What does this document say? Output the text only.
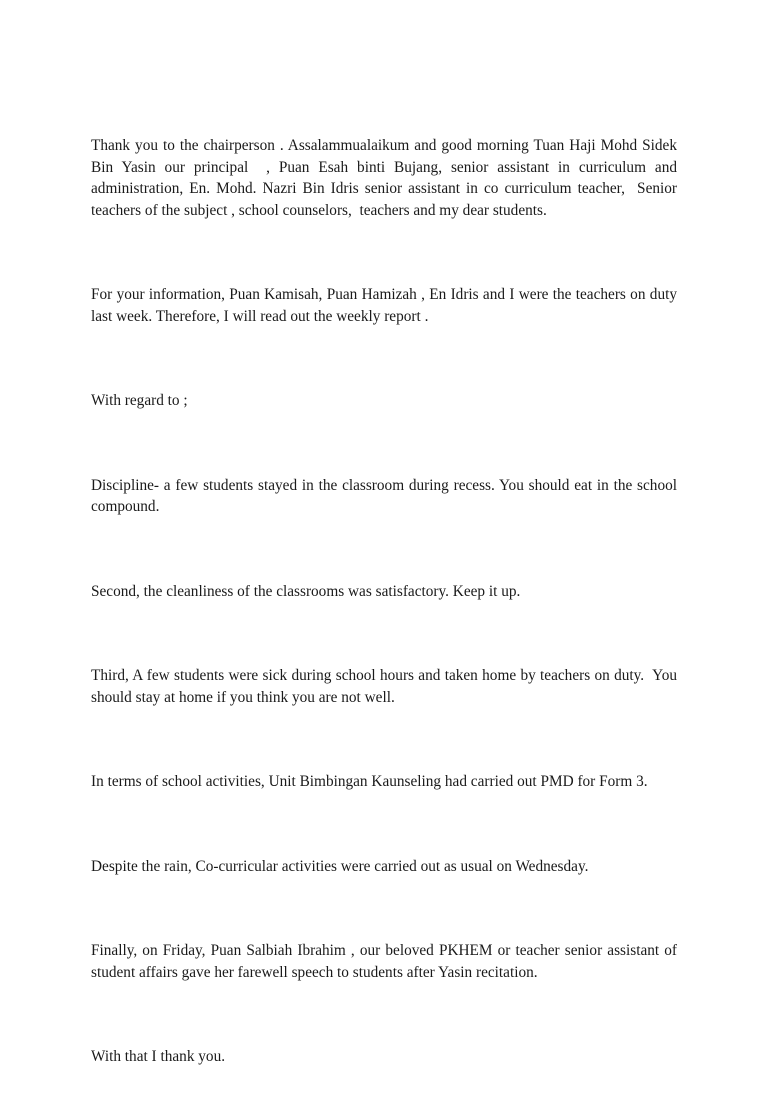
Thank you to the chairperson . Assalammualaikum and good morning Tuan Haji Mohd Sidek Bin Yasin our principal  , Puan Esah binti Bujang, senior assistant in curriculum and administration, En. Mohd. Nazri Bin Idris senior assistant in co curriculum teacher,  Senior teachers of the subject , school counselors,  teachers and my dear students.

For your information, Puan Kamisah, Puan Hamizah , En Idris and I were the teachers on duty last week. Therefore, I will read out the weekly report .

With regard to ;

Discipline- a few students stayed in the classroom during recess. You should eat in the school compound.

Second, the cleanliness of the classrooms was satisfactory. Keep it up.

Third, A few students were sick during school hours and taken home by teachers on duty.  You should stay at home if you think you are not well.

In terms of school activities, Unit Bimbingan Kaunseling had carried out PMD for Form 3.

Despite the rain, Co-curricular activities were carried out as usual on Wednesday.

Finally, on Friday, Puan Salbiah Ibrahim , our beloved PKHEM or teacher senior assistant of  student affairs gave her farewell speech to students after Yasin recitation.

With that I thank you.
